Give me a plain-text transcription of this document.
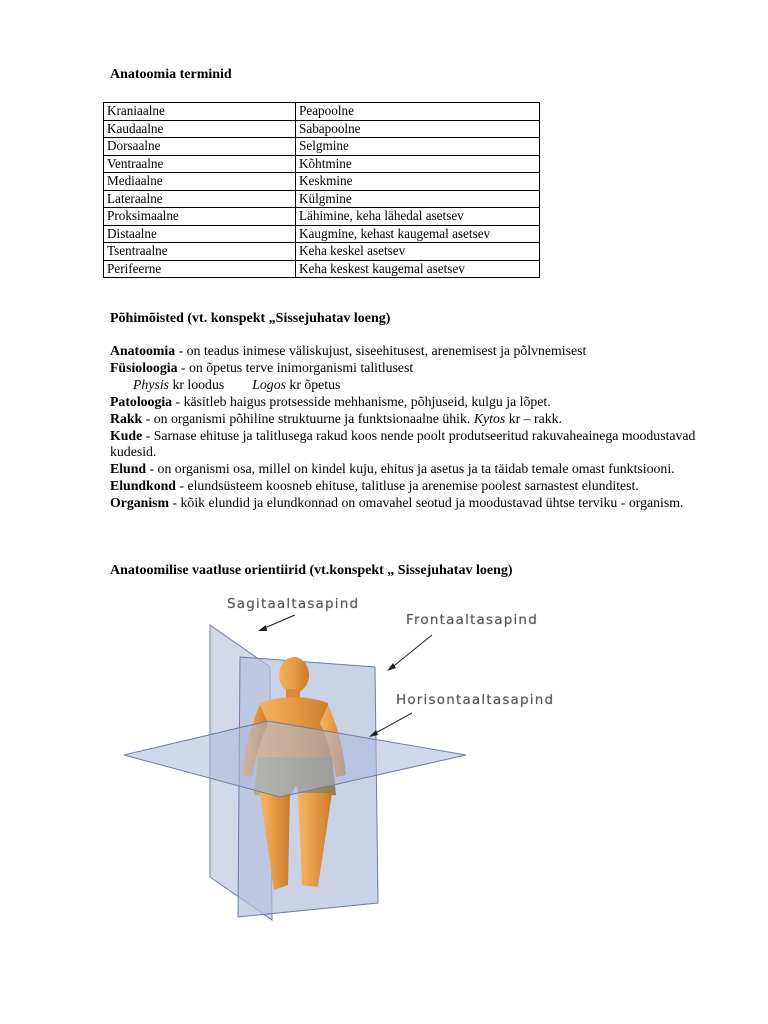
Anatoomia terminid
Kraniaalne	Peapoolne
Kaudaalne	Sabapoolne
Dorsaalne	Selgmine
Ventraalne	Kõhtmine
Mediaalne	Keskmine
Lateraalne	Külgmine
Proksimaalne	Lähimine, keha lähedal asetsev
Distaalne	Kaugmine, kehast kaugemal asetsev
Tsentraalne	Keha keskel asetsev
Perifeerne	Keha keskest kaugemal asetsev
Põhimõisted (vt. konspekt „Sissejuhatav loeng)

Anatoomia - on teadus inimese väliskujust, siseehitusest, arenemisest ja põlvnemisest

Füsioloogia - on õpetus terve inimorganismi talitlusest

Physis kr loodus Logos kr õpetus

Patoloogia - käsitleb haigus protsesside mehhanisme, põhjuseid, kulgu ja lõpet.

Rakk - on organismi põhiline struktuurne ja funktsionaalne ühik. Kytos kr – rakk.

Kude - Sarnase ehituse ja talitlusega rakud koos nende poolt produtseeritud rakuvaheainega moodustavad kudesid.

Elund - on organismi osa, millel on kindel kuju, ehitus ja asetus ja ta täidab temale omast funktsiooni.

Elundkond - elundsüsteem koosneb ehituse, talitluse ja arenemise poolest sarnastest elunditest.

Organism - kõik elundid ja elundkonnad on omavahel seotud ja moodustavad ühtse terviku - organism.

Anatoomilise vaatluse orientiirid (vt.konspekt „ Sissejuhatav loeng)
Sagitaaltasapind
Frontaaltasapind
Horisontaaltasapind
